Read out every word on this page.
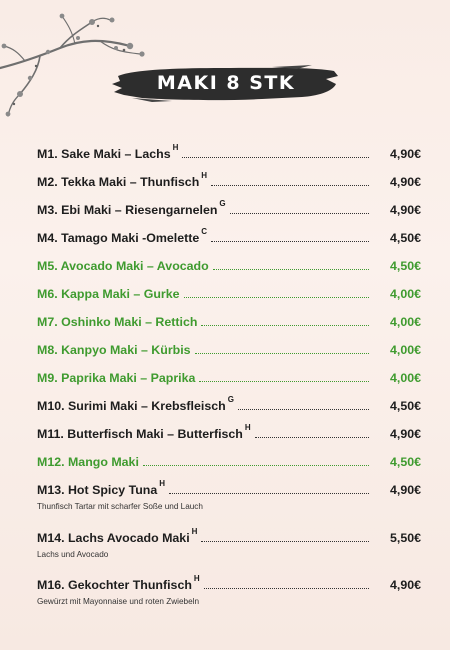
MAKI 8 STK
M1. Sake Maki – Lachs $^H$	4,90€
M2. Tekka Maki – Thunfisch $^H$	4,90€
M3. Ebi Maki – Riesengarnelen $^G$	4,90€
M4. Tamago Maki -Omelette $^C$	4,50€
M5. Avocado Maki – Avocado	4,50€
M6. Kappa Maki – Gurke	4,00€
M7. Oshinko Maki – Rettich	4,00€
M8. Kanpyo Maki – Kürbis	4,00€
M9. Paprika Maki – Paprika	4,00€
M10. Surimi Maki – Krebsfleisch $^G$	4,50€
M11. Butterfisch Maki – Butterfisch $^H$	4,90€
M12. Mango Maki	4,50€
M13. Hot Spicy Tuna $^H$	4,90€
Thunfisch Tartar mit scharfer Soße und Lauch
M14. Lachs Avocado Maki $^H$	5,50€
Lachs und Avocado
M16. Gekochter Thunfisch $^H$	4,90€
Gewürzt mit Mayonnaise und roten Zwiebeln
